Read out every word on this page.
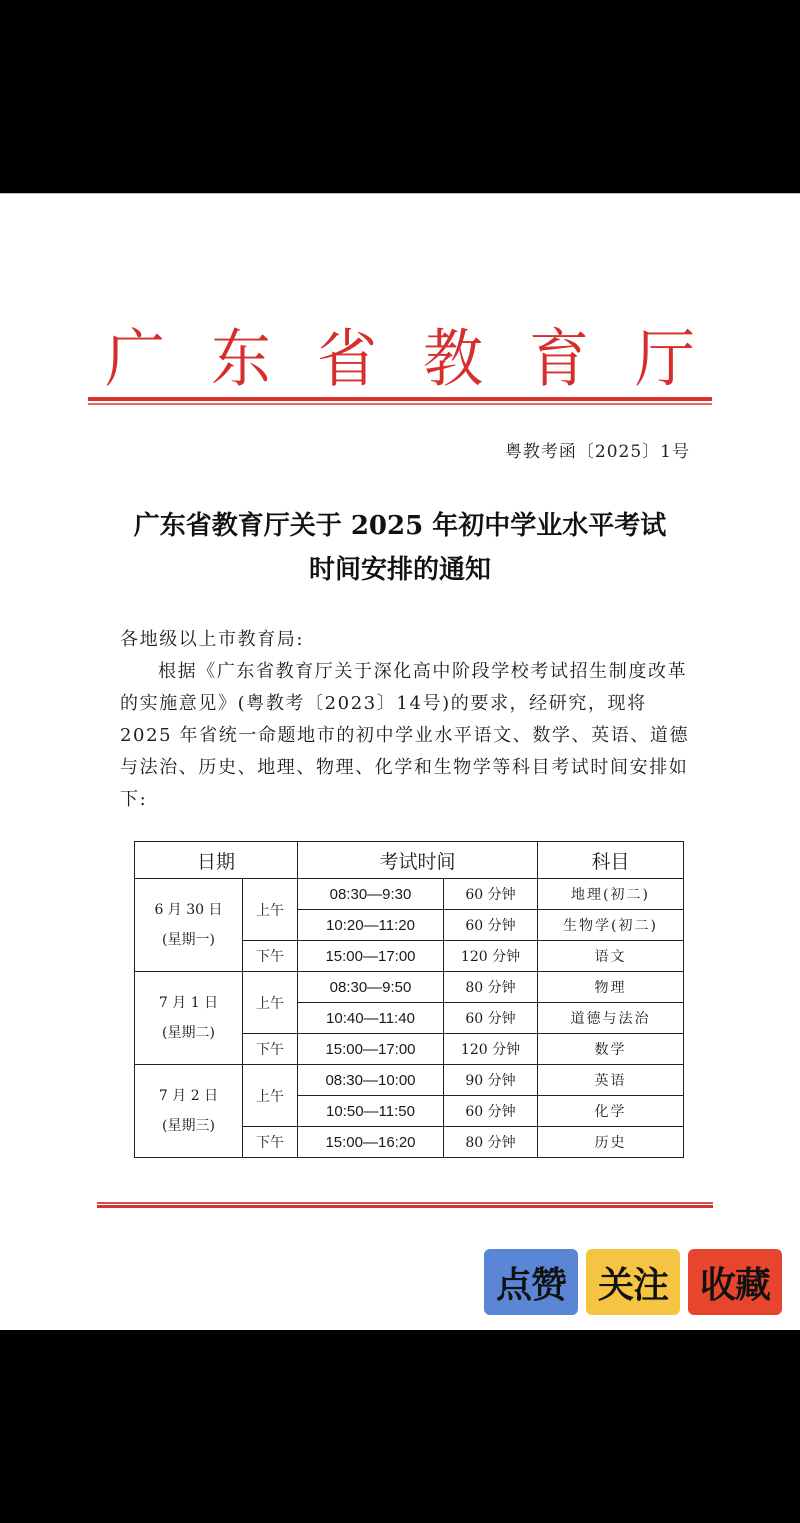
广 东 省 教 育 厅
粤教考函〔2025〕1号
广东省教育厅关于 2025 年初中学业水平考试
时间安排的通知

各地级以上市教育局:

根据《广东省教育厅关于深化高中阶段学校考试招生制度改革的实施意见》(粤教考〔2023〕14号)的要求，经研究，现将 2025 年省统一命题地市的初中学业水平语文、数学、英语、道德与法治、历史、地理、物理、化学和生物学等科目考试时间安排如下:

日期		考试时间		科目

6 月 30 日
(星期一)	上午	08:30—9:30	60 分钟	地理(初二)
		10:20—11:20	60 分钟	生物学(初二)
	下午	15:00—17:00	120 分钟	语文

7 月 1 日
(星期二)	上午	08:30—9:50	80 分钟	物理
		10:40—11:40	60 分钟	道德与法治
	下午	15:00—17:00	120 分钟	数学

7 月 2 日
(星期三)	上午	08:30—10:00	90 分钟	英语
		10:50—11:50	60 分钟	化学
	下午	15:00—16:20	80 分钟	历史
点赞 关注 收藏
